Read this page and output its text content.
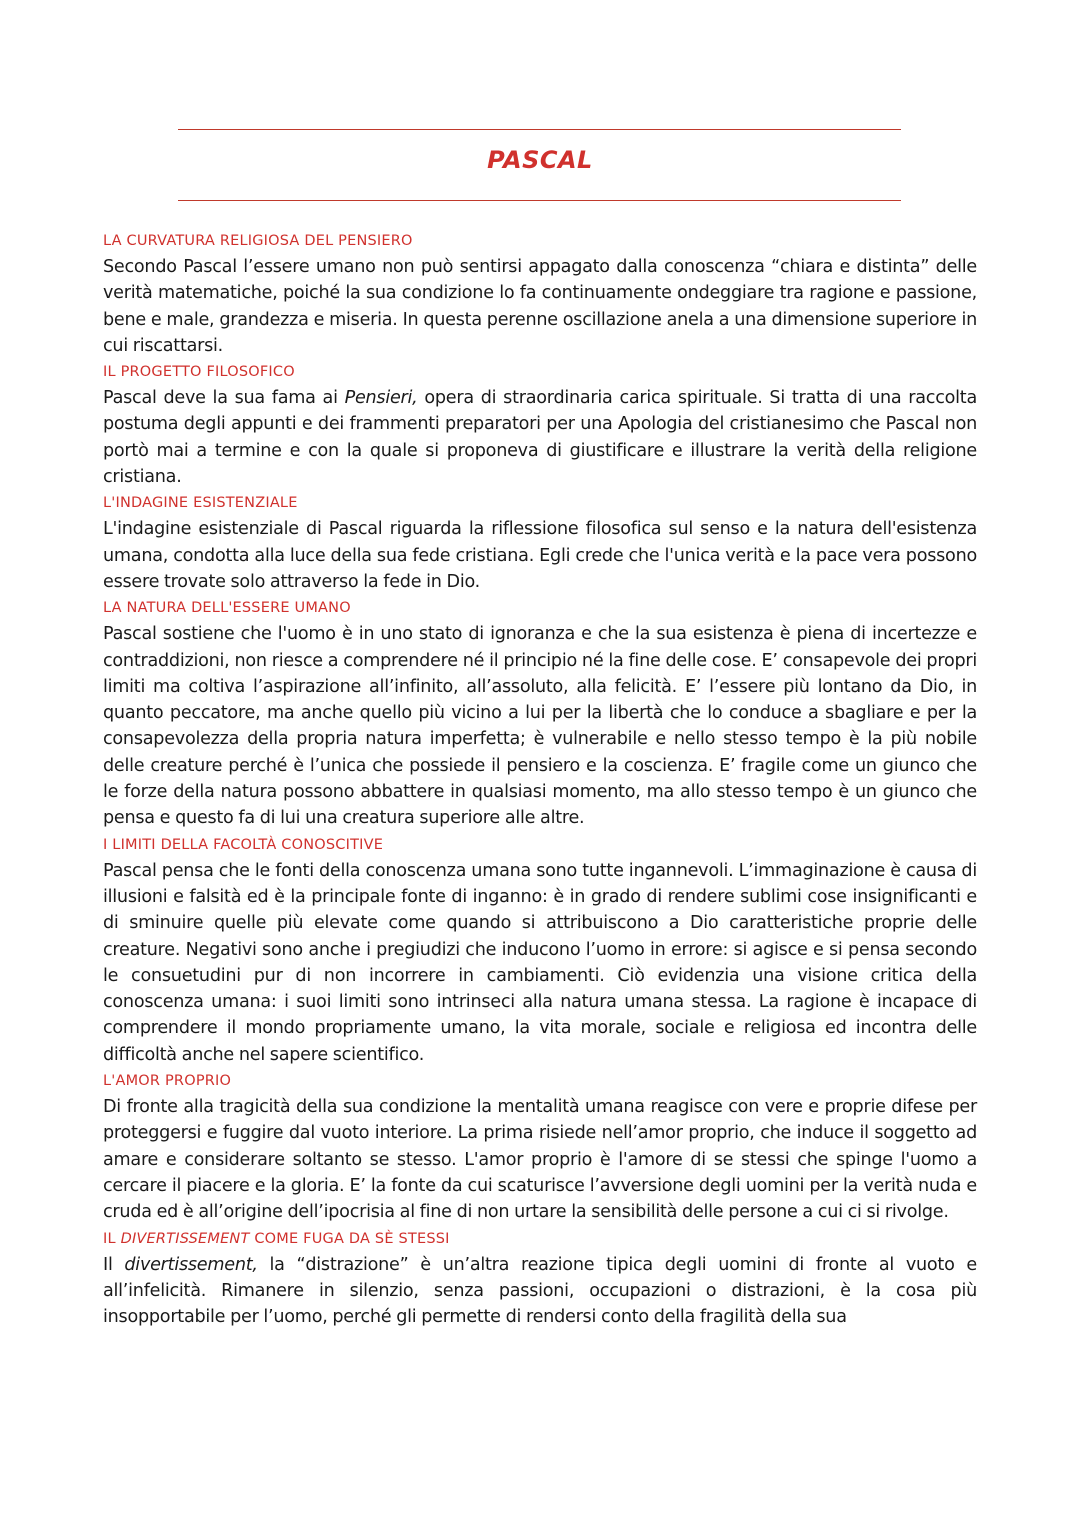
PASCAL

LA CURVATURA RELIGIOSA DEL PENSIERO

Secondo Pascal l’essere umano non può sentirsi appagato dalla conoscenza “chiara e distinta” delle verità matematiche, poiché la sua condizione lo fa continuamente ondeggiare tra ragione e passione, bene e male, grandezza e miseria. In questa perenne oscillazione anela a una dimensione superiore in cui riscattarsi.

IL PROGETTO FILOSOFICO

Pascal deve la sua fama ai Pensieri, opera di straordinaria carica spirituale. Si tratta di una raccolta postuma degli appunti e dei frammenti preparatori per una Apologia del cristianesimo che Pascal non portò mai a termine e con la quale si proponeva di giustificare e illustrare la verità della religione cristiana.

L'INDAGINE ESISTENZIALE

L'indagine esistenziale di Pascal riguarda la riflessione filosofica sul senso e la natura dell'esistenza umana, condotta alla luce della sua fede cristiana. Egli crede che l'unica verità e la pace vera possono essere trovate solo attraverso la fede in Dio.

LA NATURA DELL'ESSERE UMANO

Pascal sostiene che l'uomo è in uno stato di ignoranza e che la sua esistenza è piena di incertezze e contraddizioni, non riesce a comprendere né il principio né la fine delle cose. E’ consapevole dei propri limiti ma coltiva l’aspirazione all’infinito, all’assoluto, alla felicità. E’ l’essere più lontano da Dio, in quanto peccatore, ma anche quello più vicino a lui per la libertà che lo conduce a sbagliare e per la consapevolezza della propria natura imperfetta; è vulnerabile e nello stesso tempo è la più nobile delle creature perché è l’unica che possiede il pensiero e la coscienza. E’ fragile come un giunco che le forze della natura possono abbattere in qualsiasi momento, ma allo stesso tempo è un giunco che pensa e questo fa di lui una creatura superiore alle altre.

I LIMITI DELLA FACOLTÀ CONOSCITIVE

Pascal pensa che le fonti della conoscenza umana sono tutte ingannevoli. L’immaginazione è causa di illusioni e falsità ed è la principale fonte di inganno: è in grado di rendere sublimi cose insignificanti e di sminuire quelle più elevate come quando si attribuiscono a Dio caratteristiche proprie delle creature. Negativi sono anche i pregiudizi che inducono l’uomo in errore: si agisce e si pensa secondo le consuetudini pur di non incorrere in cambiamenti. Ciò evidenzia una visione critica della conoscenza umana: i suoi limiti sono intrinseci alla natura umana stessa. La ragione è incapace di comprendere il mondo propriamente umano, la vita morale, sociale e religiosa ed incontra delle difficoltà anche nel sapere scientifico.

L'AMOR PROPRIO

Di fronte alla tragicità della sua condizione la mentalità umana reagisce con vere e proprie difese per proteggersi e fuggire dal vuoto interiore. La prima risiede nell’amor proprio, che induce il soggetto ad amare e considerare soltanto se stesso. L'amor proprio è l'amore di se stessi che spinge l'uomo a cercare il piacere e la gloria. E’ la fonte da cui scaturisce l’avversione degli uomini per la verità nuda e cruda ed è all’origine dell’ipocrisia al fine di non urtare la sensibilità delle persone a cui ci si rivolge.

IL DIVERTISSEMENT COME FUGA DA SÈ STESSI

Il divertissement, la “distrazione” è un’altra reazione tipica degli uomini di fronte al vuoto e all’infelicità. Rimanere in silenzio, senza passioni, occupazioni o distrazioni, è la cosa più insopportabile per l’uomo, perché gli permette di rendersi conto della fragilità della sua
